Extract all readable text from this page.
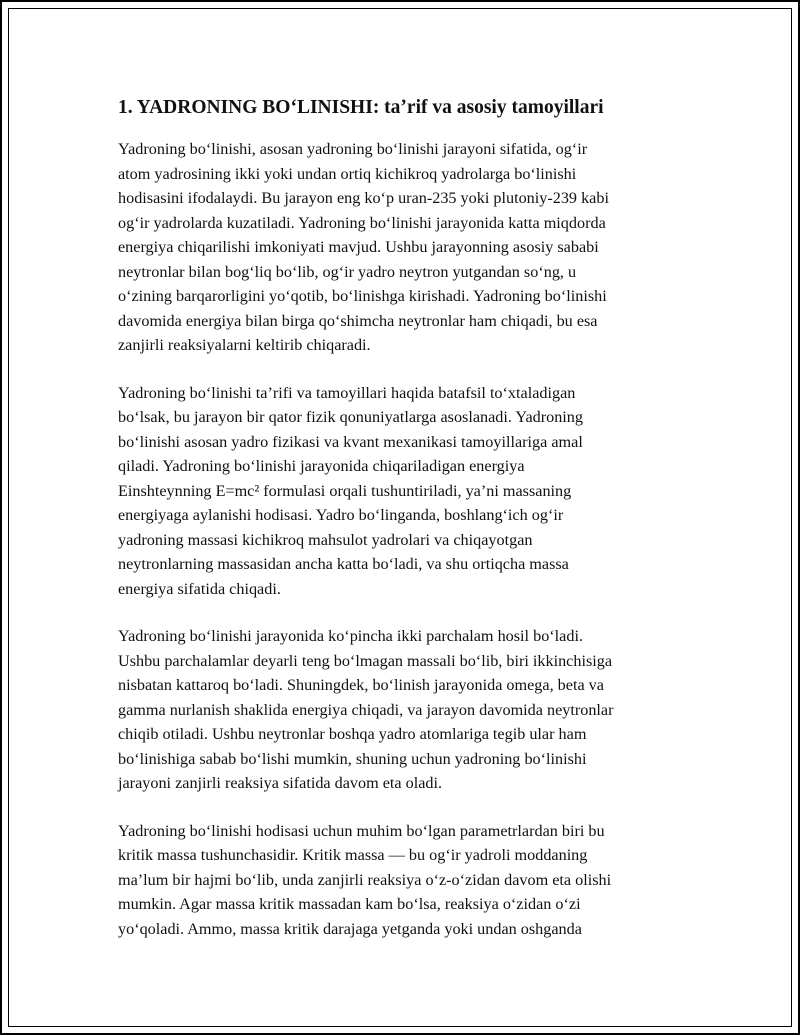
1. YADRONING BOʻLINISHI: taʼrif va asosiy tamoyillari

Yadroning boʻlinishi, asosan yadroning boʻlinishi jarayoni sifatida, ogʻir
atom yadrosining ikki yoki undan ortiq kichikroq yadrolarga boʻlinishi
hodisasini ifodalaydi. Bu jarayon eng koʻp uran-235 yoki plutoniy-239 kabi
ogʻir yadrolarda kuzatiladi. Yadroning boʻlinishi jarayonida katta miqdorda
energiya chiqarilishi imkoniyati mavjud. Ushbu jarayonning asosiy sababi
neytronlar bilan bogʻliq boʻlib, ogʻir yadro neytron yutgandan soʻng, u
oʻzining barqarorligini yoʻqotib, boʻlinishga kirishadi. Yadroning boʻlinishi
davomida energiya bilan birga qoʻshimcha neytronlar ham chiqadi, bu esa
zanjirli reaksiyalarni keltirib chiqaradi.

Yadroning boʻlinishi taʼrifi va tamoyillari haqida batafsil toʻxtaladigan
boʻlsak, bu jarayon bir qator fizik qonuniyatlarga asoslanadi. Yadroning
boʻlinishi asosan yadro fizikasi va kvant mexanikasi tamoyillariga amal
qiladi. Yadroning boʻlinishi jarayonida chiqariladigan energiya
Einshteynning E=mc² formulasi orqali tushuntiriladi, yaʼni massaning
energiyaga aylanishi hodisasi. Yadro boʻlinganda, boshlangʻich ogʻir
yadroning massasi kichikroq mahsulot yadrolari va chiqayotgan
neytronlarning massasidan ancha katta boʻladi, va shu ortiqcha massa
energiya sifatida chiqadi.

Yadroning boʻlinishi jarayonida koʻpincha ikki parchalam hosil boʻladi.
Ushbu parchalamlar deyarli teng boʻlmagan massali boʻlib, biri ikkinchisiga
nisbatan kattaroq boʻladi. Shuningdek, boʻlinish jarayonida omega, beta va
gamma nurlanish shaklida energiya chiqadi, va jarayon davomida neytronlar
chiqib otiladi. Ushbu neytronlar boshqa yadro atomlariga tegib ular ham
boʻlinishiga sabab boʻlishi mumkin, shuning uchun yadroning boʻlinishi
jarayoni zanjirli reaksiya sifatida davom eta oladi.

Yadroning boʻlinishi hodisasi uchun muhim boʻlgan parametrlardan biri bu
kritik massa tushunchasidir. Kritik massa — bu ogʻir yadroli moddaning
maʼlum bir hajmi boʻlib, unda zanjirli reaksiya oʻz-oʻzidan davom eta olishi
mumkin. Agar massa kritik massadan kam boʻlsa, reaksiya oʻzidan oʻzi
yoʻqoladi. Ammo, massa kritik darajaga yetganda yoki undan oshganda
